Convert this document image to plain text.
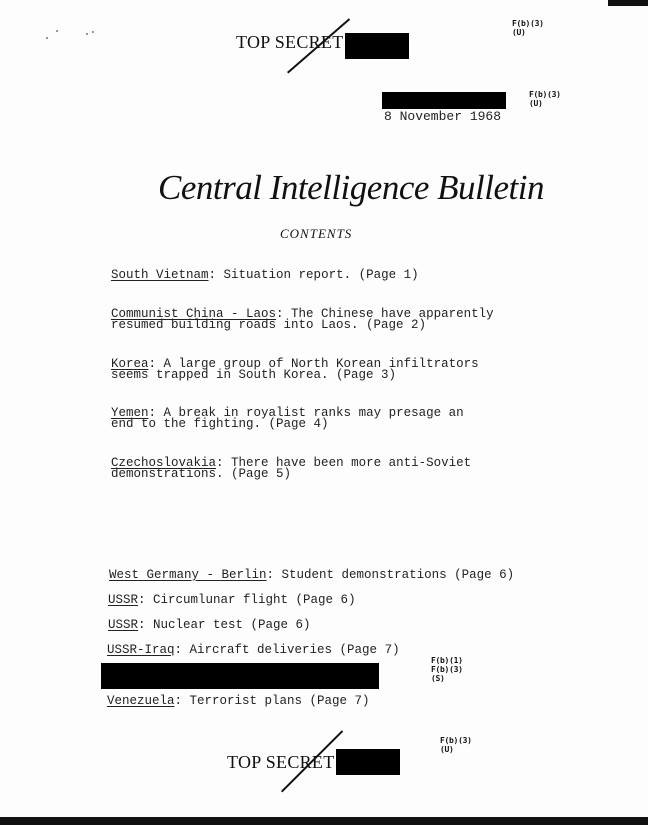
TOP SECRET
F(b)(3)
(U)
8 November 1968
F(b)(3)
(U)
Central Intelligence Bulletin
CONTENTS
South Vietnam: Situation report. (Page 1)
Communist China - Laos: The Chinese have apparently
resumed building roads into Laos. (Page 2)
Korea: A large group of North Korean infiltrators
seems trapped in South Korea. (Page 3)
Yemen: A break in royalist ranks may presage an
end to the fighting. (Page 4)
Czechoslovakia: There have been more anti-Soviet
demonstrations. (Page 5)
West Germany - Berlin: Student demonstrations (Page 6)
USSR: Circumlunar flight (Page 6)
USSR: Nuclear test (Page 6)
USSR-Iraq: Aircraft deliveries (Page 7)
F(b)(1)
F(b)(3)
(S)
Venezuela: Terrorist plans (Page 7)
F(b)(3)
(U)
TOP SECRET
